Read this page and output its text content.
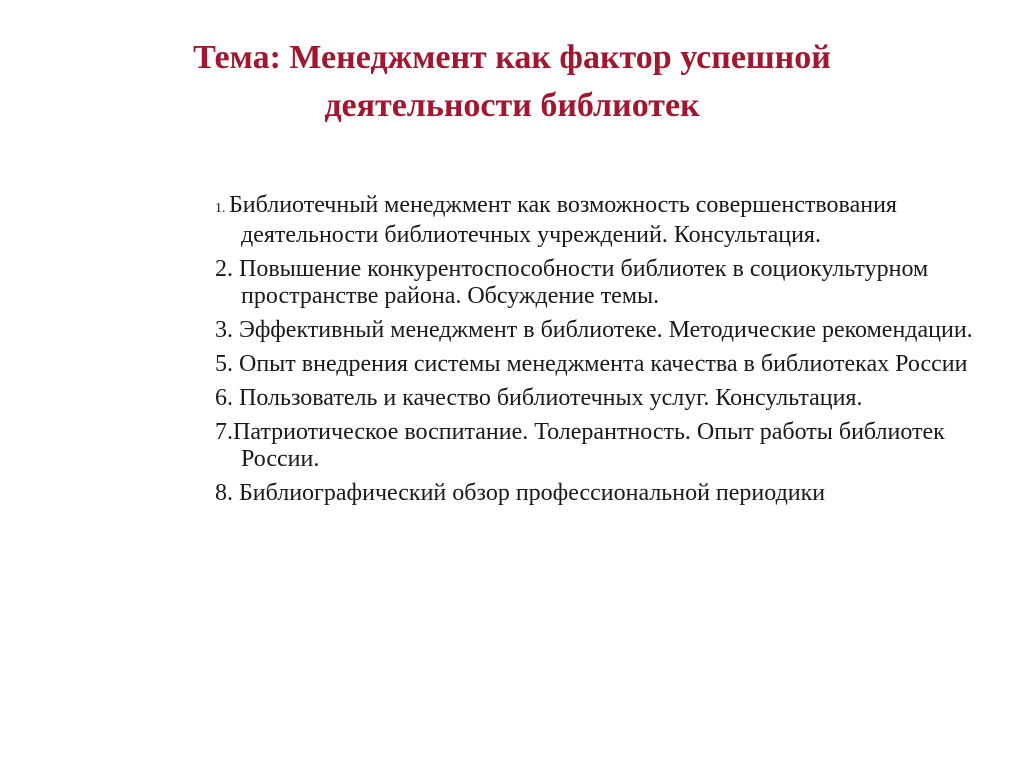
Тема: Менеджмент как фактор успешной
деятельности библиотек
1. Библиотечный менеджмент как возможность совершенствования деятельности библиотечных учреждений. Консультация.
2. Повышение конкурентоспособности библиотек в социокультурном пространстве района. Обсуждение темы.
3. Эффективный менеджмент в библиотеке. Методические рекомендации.
5. Опыт внедрения системы менеджмента качества в библиотеках России
6. Пользователь и качество библиотечных услуг. Консультация.
7.Патриотическое воспитание. Толерантность. Опыт работы библиотек России.
8. Библиографический обзор профессиональной периодики
